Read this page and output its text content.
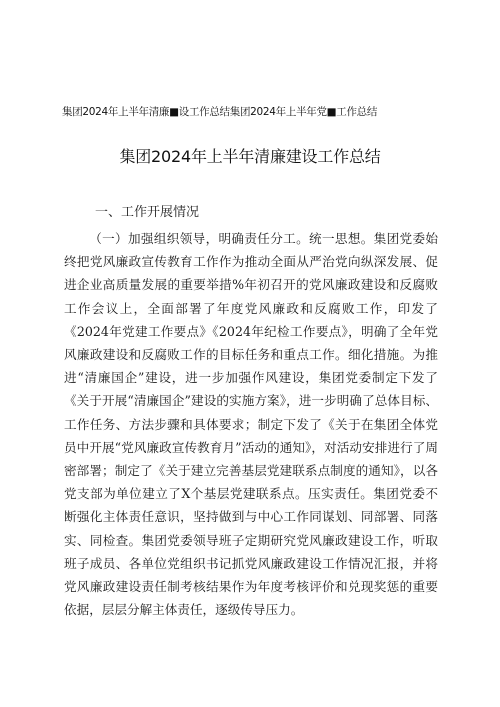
集团2024年上半年清廉■设工作总结集团2024年上半年党■工作总结
集团2024年上半年清廉建设工作总结
一、工作开展情况

（一）加强组织领导，明确责任分工。统一思想。集团党委始终把党风廉政宣传教育工作作为推动全面从严治党向纵深发展、促进企业高质量发展的重要举措%年初召开的党风廉政建设和反腐败工作会议上，全面部署了年度党风廉政和反腐败工作，印发了《2024年党建工作要点》《2024年纪检工作要点》，明确了全年党风廉政建设和反腐败工作的目标任务和重点工作。细化措施。为推进“清廉国企”建设，进一步加强作风建设，集团党委制定下发了《关于开展“清廉国企”建设的实施方案》，进一步明确了总体目标、工作任务、方法步骤和具体要求；制定下发了《关于在集团全体党员中开展“党风廉政宣传教育月”活动的通知》，对活动安排进行了周密部署；制定了《关于建立完善基层党建联系点制度的通知》，以各党支部为单位建立了X个基层党建联系点。压实责任。集团党委不断强化主体责任意识，坚持做到与中心工作同谋划、同部署、同落实、同检查。集团党委领导班子定期研究党风廉政建设工作，听取班子成员、各单位党组织书记抓党风廉政建设工作情况汇报，并将党风廉政建设责任制考核结果作为年度考核评价和兑现奖惩的重要依据，层层分解主体责任，逐级传导压力。
